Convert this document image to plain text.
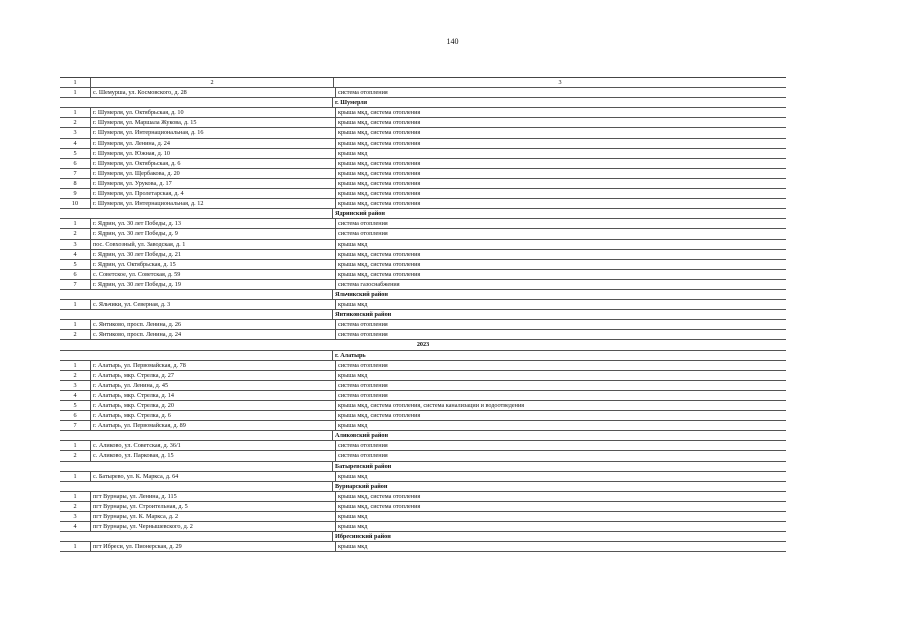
140
1	2	3
1	с. Шемурша, ул. Космовского, д. 28	система отопления
г. Шумерля
1	г. Шумерля, ул. Октябрьская, д. 10	крыша мкд, система отопления
2	г. Шумерля, ул. Маршала Жукова, д. 15	крыша мкд, система отопления
3	г. Шумерля, ул. Интернациональная, д. 16	крыша мкд, система отопления
4	г. Шумерля, ул. Ленина, д. 24	крыша мкд, система отопления
5	г. Шумерля, ул. Южная, д. 10	крыша мкд
6	г. Шумерля, ул. Октябрьская, д. 6	крыша мкд, система отопления
7	г. Шумерля, ул. Щербакова, д. 20	крыша мкд, система отопления
8	г. Шумерля, ул. Урукова, д. 17	крыша мкд, система отопления
9	г. Шумерля, ул. Пролетарская, д. 4	крыша мкд, система отопления
10	г. Шумерля, ул. Интернациональная, д. 12	крыша мкд, система отопления
Ядринский район
1	г. Ядрин, ул. 30 лет Победы, д. 13	система отопления
2	г. Ядрин, ул. 30 лет Победы, д. 9	система отопления
3	пос. Совхозный, ул. Заводская, д. 1	крыша мкд
4	г. Ядрин, ул. 30 лет Победы, д. 21	крыша мкд, система отопления
5	г. Ядрин, ул. Октябрьская, д. 15	крыша мкд, система отопления
6	с. Советское, ул. Советская, д. 59	крыша мкд, система отопления
7	г. Ядрин, ул. 30 лет Победы, д. 19	система газоснабжения
Яльчикский район
1	с. Яльчики, ул. Северная, д. 3	крыша мкд
Янтиковский район
1	с. Янтиково, просп. Ленина, д. 26	система отопления
2	с. Янтиково, просп. Ленина, д. 24	система отопления
2023
г. Алатырь
1	г. Алатырь, ул. Первомайская, д. 78	система отопления
2	г. Алатырь, мкр. Стрелка, д. 27	крыша мкд
3	г. Алатырь, ул. Ленина, д. 45	система отопления
4	г. Алатырь, мкр. Стрелка, д. 14	система отопления
5	г. Алатырь, мкр. Стрелка, д. 20	крыша мкд, система отопления, система канализации и водоотведения
6	г. Алатырь, мкр. Стрелка, д. 6	крыша мкд, система отопления
7	г. Алатырь, ул. Первомайская, д. 89	крыша мкд
Аликовский район
1	с. Аликово, ул. Советская, д. 36/1	система отопления
2	с. Аликово, ул. Парковая, д. 15	система отопления
Батыревский район
1	с. Батырево, ул. К. Маркса, д. 64	крыша мкд
Вурнарский район
1	пгт Вурнары, ул. Ленина, д. 115	крыша мкд, система отопления
2	пгт Вурнары, ул. Строительная, д. 5	крыша мкд, система отопления
3	пгт Вурнары, ул. К. Маркса, д. 2	крыша мкд
4	пгт Вурнары, ул. Чернышевского, д. 2	крыша мкд
Ибресинский район
1	пгт Ибреси, ул. Пионерская, д. 29	крыша мкд
